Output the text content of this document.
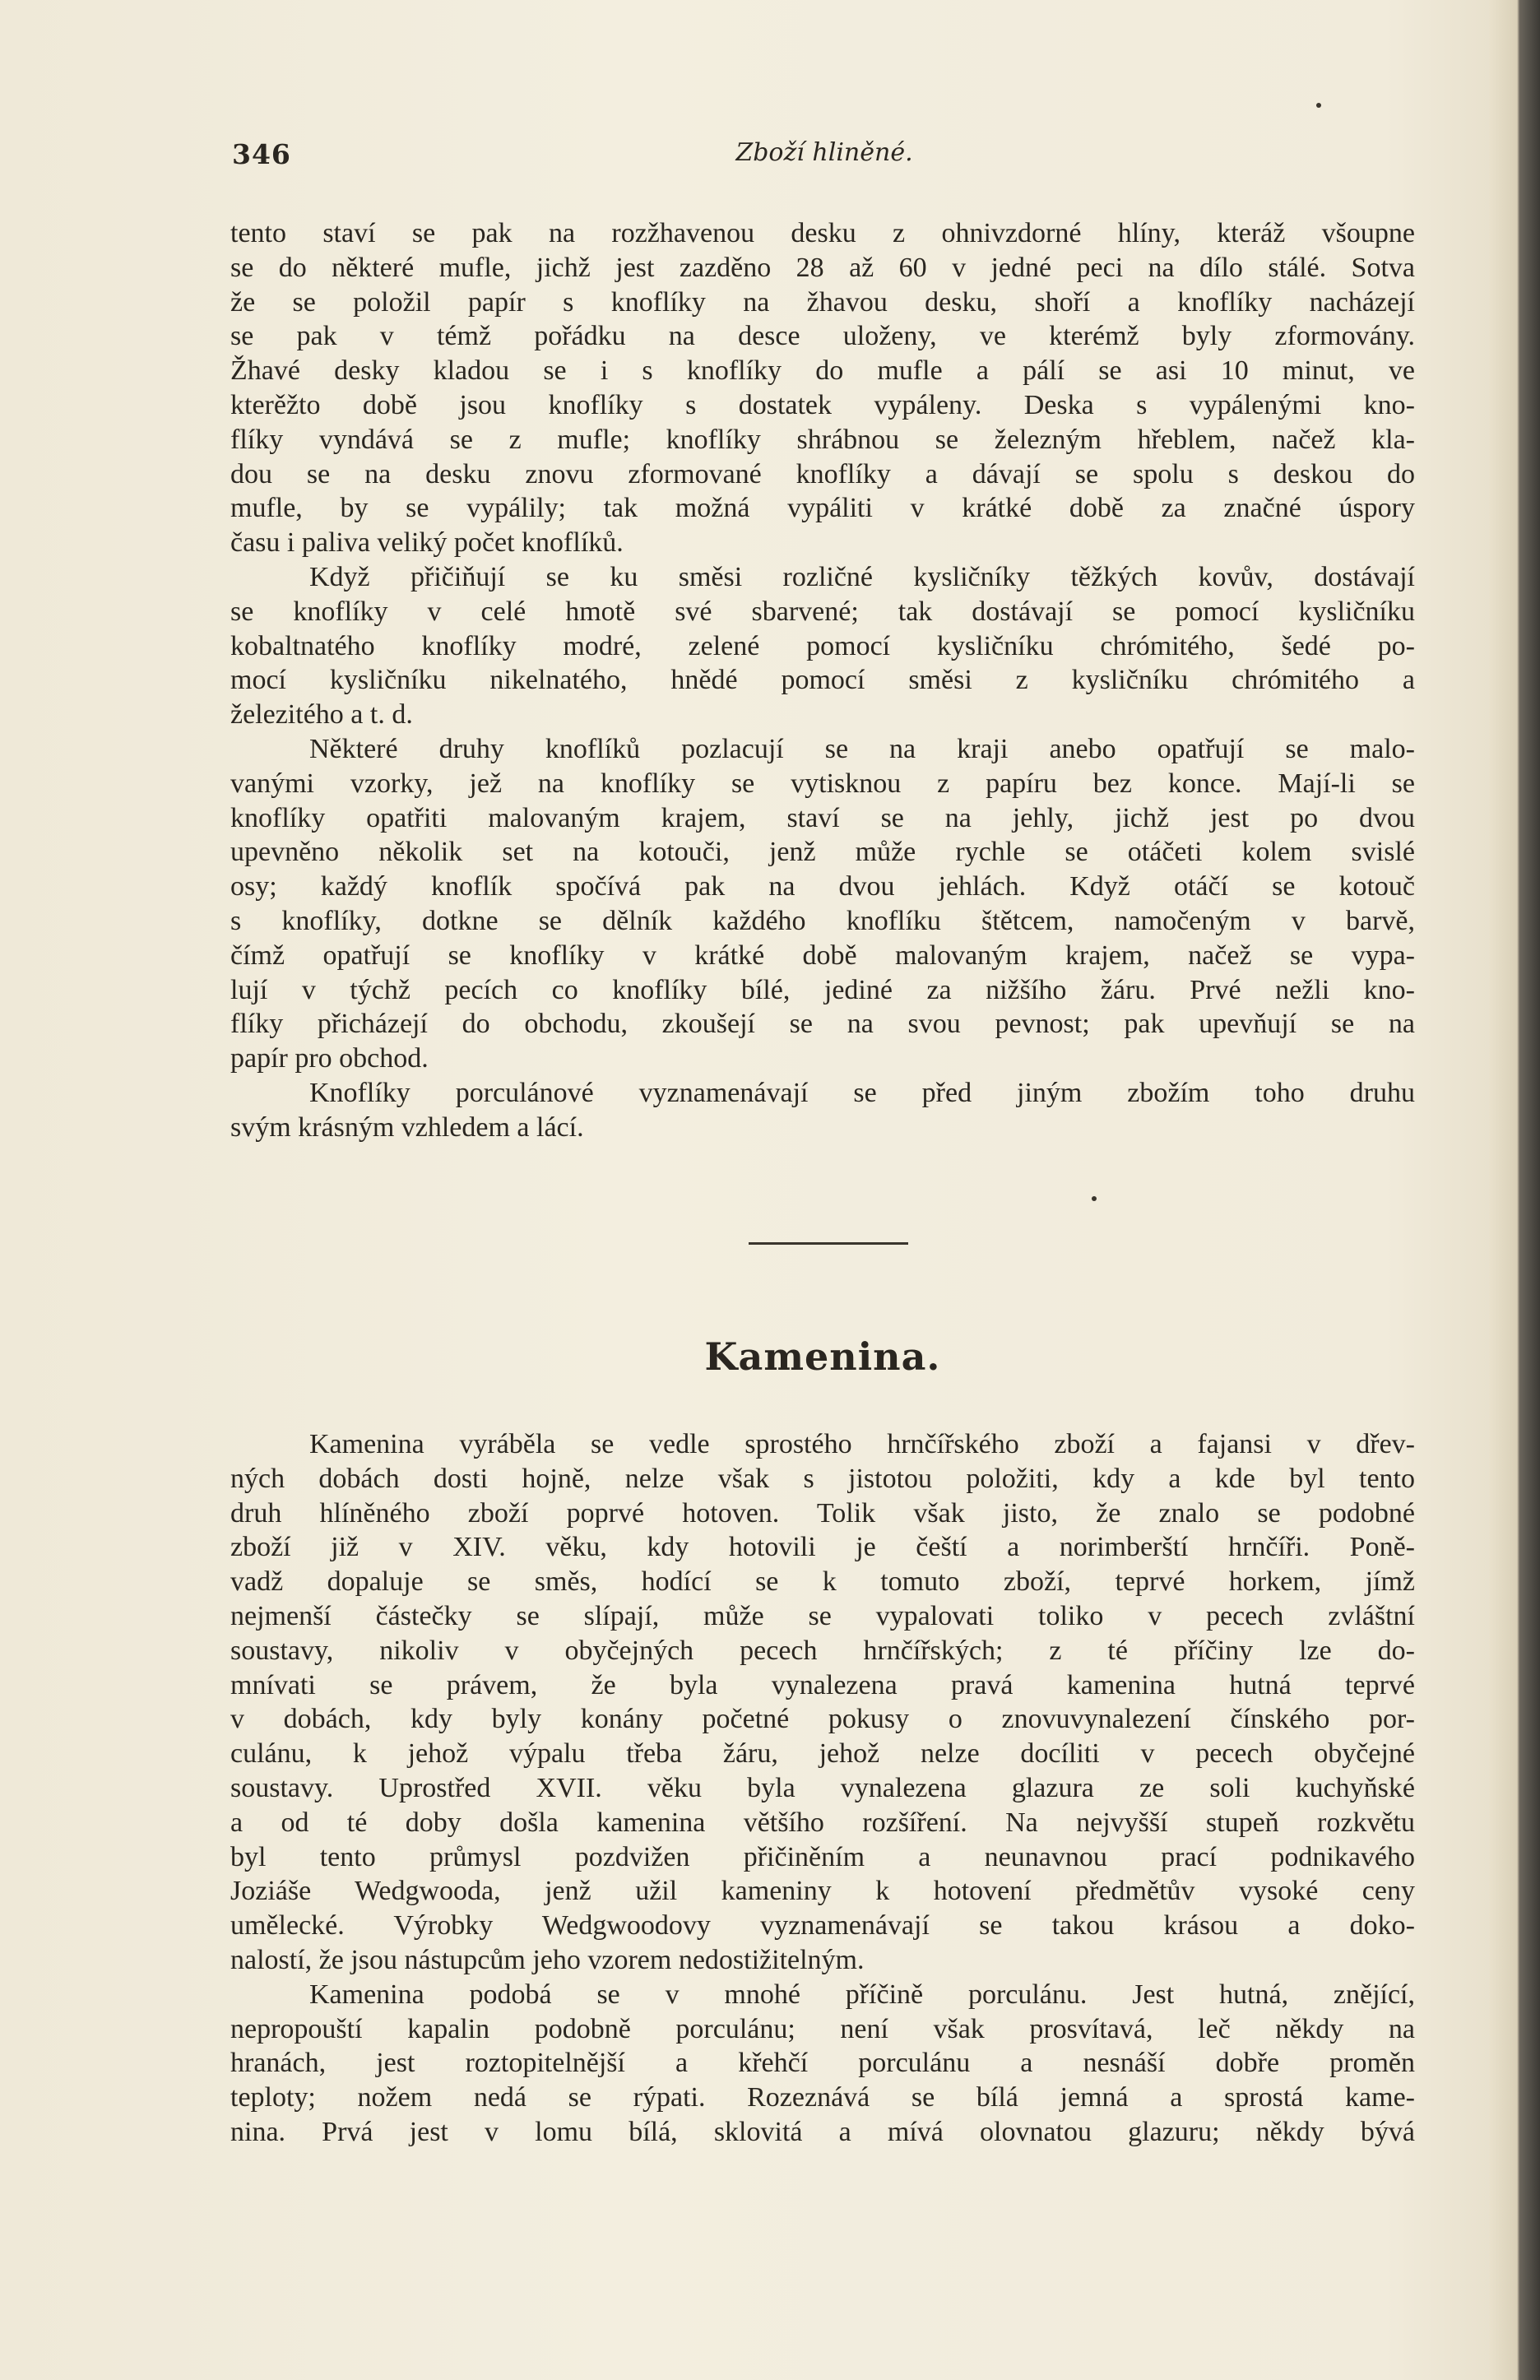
Zboží hliněné.
346
tento staví se pak na rozžhavenou desku z ohnivzdorné hlíny, kteráž všoupne
se do některé mufle, jichž jest zazděno 28 až 60 v jedné peci na dílo stálé. Sotva
že se položil papír s knoflíky na žhavou desku, shoří a knoflíky nacházejí
se pak v témž pořádku na desce uloženy, ve kterémž byly zformovány.
Žhavé desky kladou se i s knoflíky do mufle a pálí se asi 10 minut, ve
kterěžto době jsou knoflíky s dostatek vypáleny. Deska s vypálenými kno-
flíky vyndává se z mufle; knoflíky shrábnou se železným hřeblem, načež kla-
dou se na desku znovu zformované knoflíky a dávají se spolu s deskou do
mufle, by se vypálily; tak možná vypáliti v krátké době za značné úspory
času i paliva veliký počet knoflíků.
Když přičiňují se ku směsi rozličné kysličníky těžkých kovův, dostávají
se knoflíky v celé hmotě své sbarvené; tak dostávají se pomocí kysličníku
kobaltnatého knoflíky modré, zelené pomocí kysličníku chrómitého, šedé po-
mocí kysličníku nikelnatého, hnědé pomocí směsi z kysličníku chrómitého a
železitého a t. d.
Některé druhy knoflíků pozlacují se na kraji anebo opatřují se malo-
vanými vzorky, jež na knoflíky se vytisknou z papíru bez konce. Mají-li se
knoflíky opatřiti malovaným krajem, staví se na jehly, jichž jest po dvou
upevněno několik set na kotouči, jenž může rychle se otáčeti kolem svislé
osy; každý knoflík spočívá pak na dvou jehlách. Když otáčí se kotouč
s knoflíky, dotkne se dělník každého knoflíku štětcem, namočeným v barvě,
čímž opatřují se knoflíky v krátké době malovaným krajem, načež se vypa-
lují v týchž pecích co knoflíky bílé, jediné za nižšího žáru. Prvé nežli kno-
flíky přicházejí do obchodu, zkoušejí se na svou pevnost; pak upevňují se na
papír pro obchod.
Knoflíky porculánové vyznamenávají se před jiným zbožím toho druhu
svým krásným vzhledem a lácí.
Kamenina.
Kamenina vyráběla se vedle sprostého hrnčířského zboží a fajansi v dřev-
ných dobách dosti hojně, nelze však s jistotou položiti, kdy a kde byl tento
druh hlíněného zboží poprvé hotoven. Tolik však jisto, že znalo se podobné
zboží již v XIV. věku, kdy hotovili je čeští a norimberští hrnčíři. Poně-
vadž dopaluje se směs, hodící se k tomuto zboží, teprvé horkem, jímž
nejmenší částečky se slípají, může se vypalovati toliko v pecech zvláštní
soustavy, nikoliv v obyčejných pecech hrnčířských; z té příčiny lze do-
mnívati se právem, že byla vynalezena pravá kamenina hutná teprvé
v dobách, kdy byly konány početné pokusy o znovuvynalezení čínského por-
culánu, k jehož výpalu třeba žáru, jehož nelze docíliti v pecech obyčejné
soustavy. Uprostřed XVII. věku byla vynalezena glazura ze soli kuchyňské
a od té doby došla kamenina většího rozšíření. Na nejvyšší stupeň rozkvětu
byl tento průmysl pozdvižen přičiněním a neunavnou prací podnikavého
Joziáše Wedgwooda, jenž užil kameniny k hotovení předmětův vysoké ceny
umělecké. Výrobky Wedgwoodovy vyznamenávají se takou krásou a doko-
nalostí, že jsou nástupcům jeho vzorem nedostižitelným.
Kamenina podobá se v mnohé příčině porculánu. Jest hutná, znějící,
nepropouští kapalin podobně porculánu; není však prosvítavá, leč někdy na
hranách, jest roztopitelnější a křehčí porculánu a nesnáší dobře proměn
teploty; nožem nedá se rýpati. Rozeznává se bílá jemná a sprostá kame-
nina. Prvá jest v lomu bílá, sklovitá a mívá olovnatou glazuru; někdy bývá
